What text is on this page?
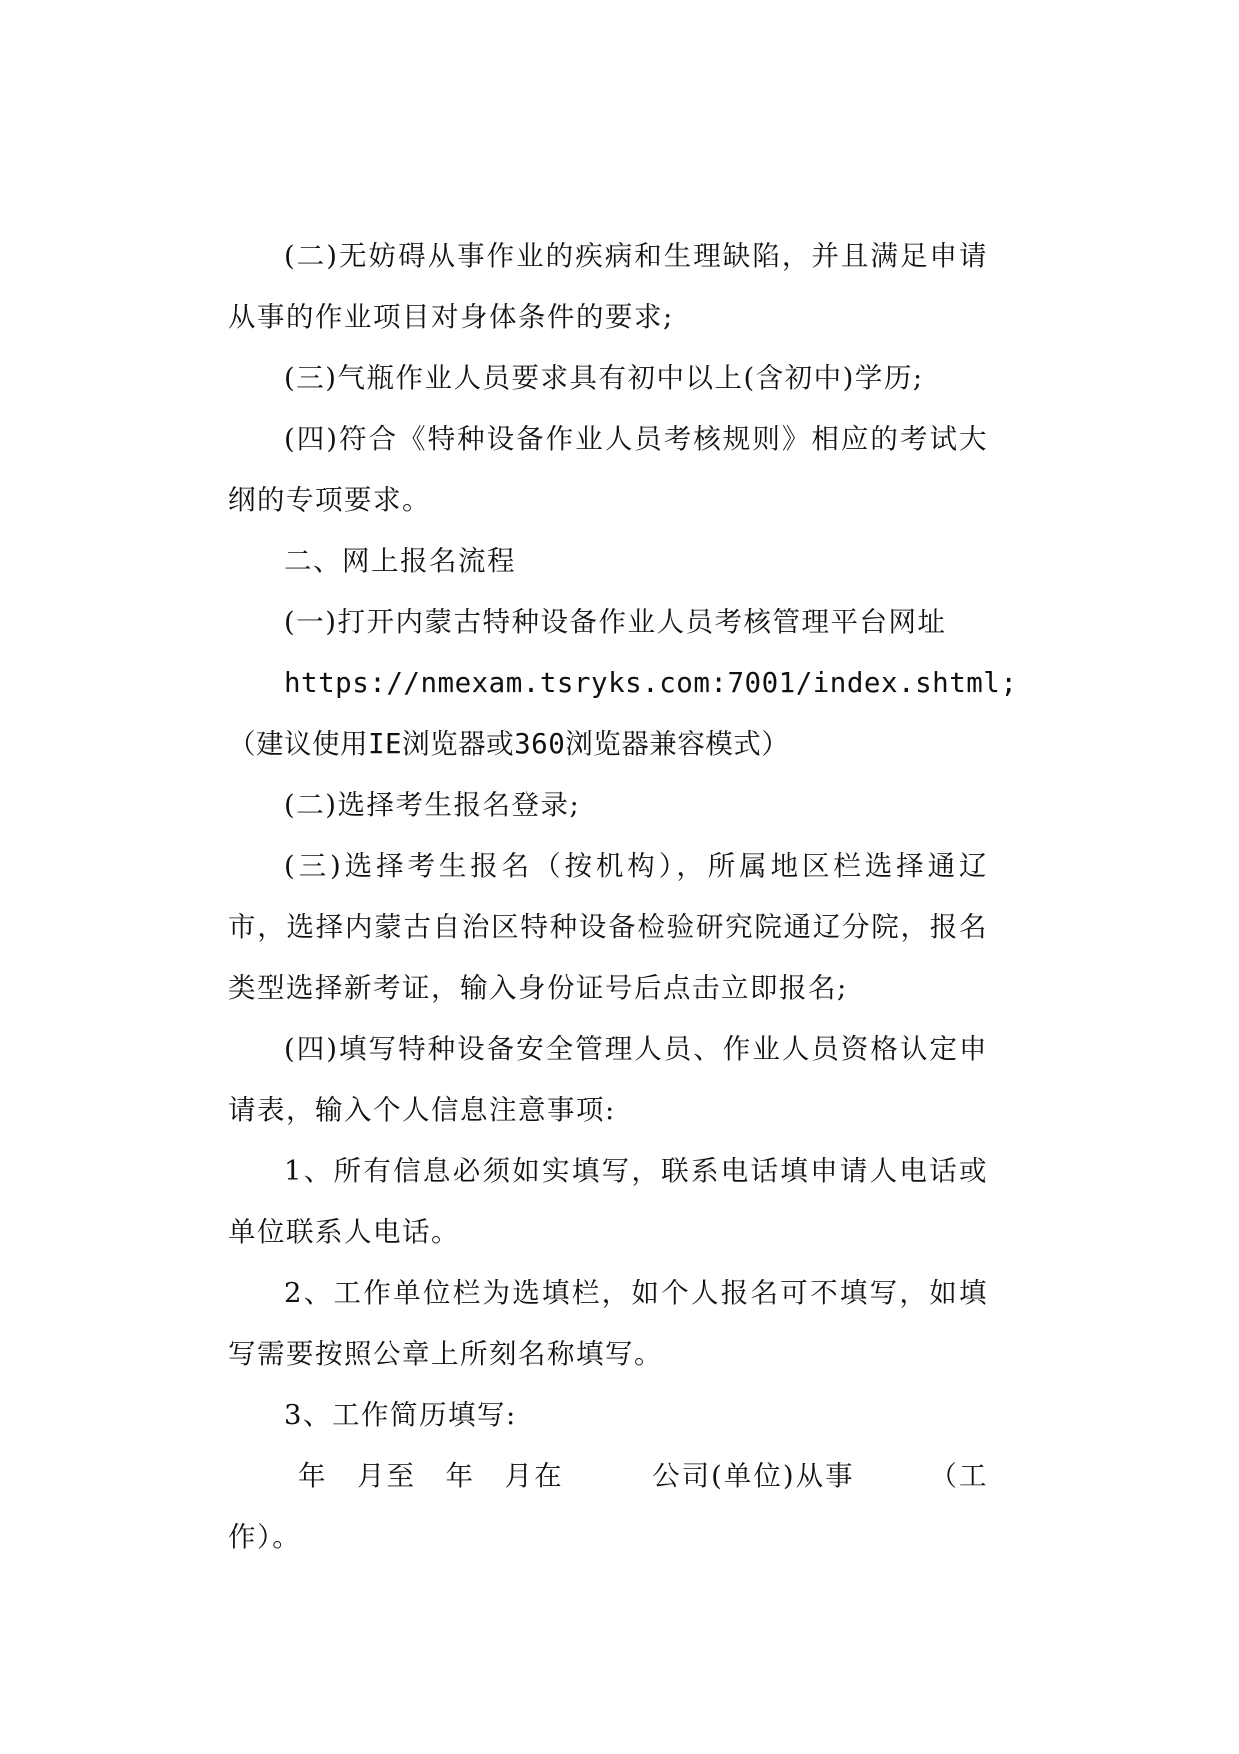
(二)无妨碍从事作业的疾病和生理缺陷，并且满足申请从事的作业项目对身体条件的要求;

(三)气瓶作业人员要求具有初中以上(含初中)学历;

(四)符合《特种设备作业人员考核规则》相应的考试大纲的专项要求。

二、网上报名流程

(一)打开内蒙古特种设备作业人员考核管理平台网址

https://nmexam.tsryks.com:7001/index.shtml; （建议使用IE浏览器或360浏览器兼容模式）

(二)选择考生报名登录;

(三)选择考生报名（按机构），所属地区栏选择通辽市，选择内蒙古自治区特种设备检验研究院通辽分院，报名类型选择新考证，输入身份证号后点击立即报名;

(四)填写特种设备安全管理人员、作业人员资格认定申请表，输入个人信息注意事项:

1、所有信息必须如实填写，联系电话填申请人电话或单位联系人电话。

2、工作单位栏为选填栏，如个人报名可不填写，如填写需要按照公章上所刻名称填写。

3、工作简历填写:

年　月至　年　月在　　　公司(单位)从事　　　（工作）。
